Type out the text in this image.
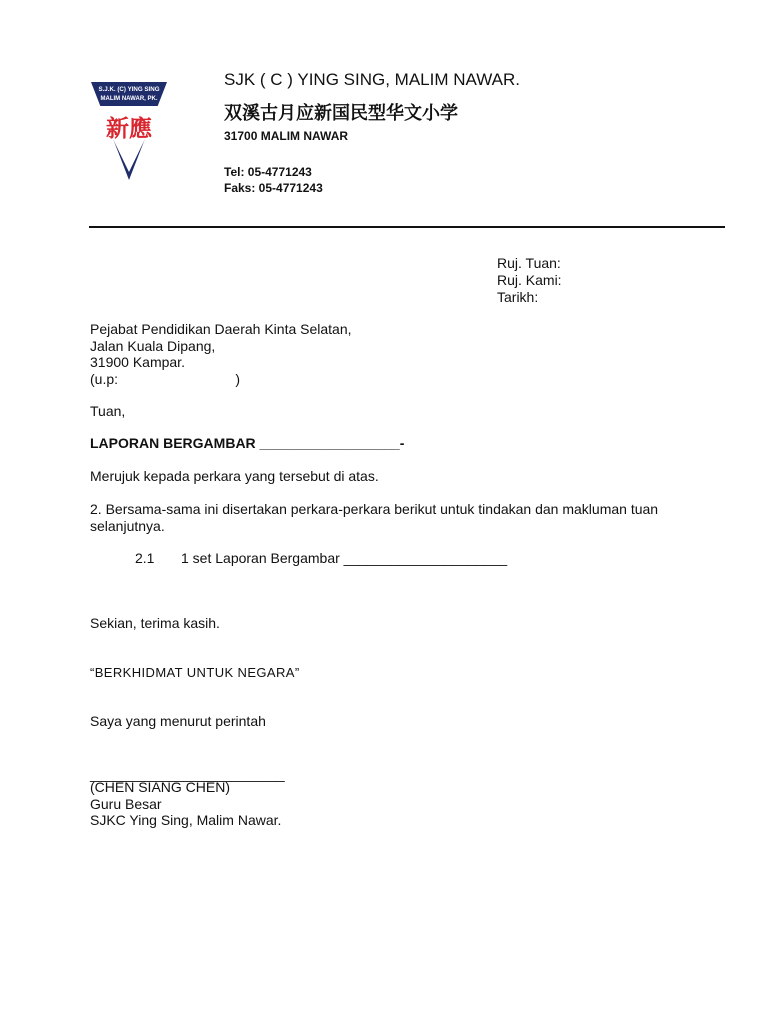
S.J.K. (C) YING SING
MALIM NAWAR, PK.
新應
SJK ( C ) YING SING, MALIM NAWAR.
双溪古月应新国民型华文小学
31700 MALIM NAWAR
Tel: 05-4771243
Faks: 05-4771243
Ruj. Tuan:
Ruj. Kami:
Tarikh:
Pejabat Pendidikan Daerah Kinta Selatan,
Jalan Kuala Dipang,
31900 Kampar.
(u.p:	)
Tuan,
LAPORAN BERGAMBAR __________________-
Merujuk kepada perkara yang tersebut di atas.
2. Bersama-sama ini disertakan perkara-perkara berikut untuk tindakan dan makluman tuan selanjutnya.
2.1 1 set Laporan Bergambar _____________________
Sekian, terima kasih.
“BERKHIDMAT UNTUK NEGARA”
Saya yang menurut perintah
_________________________
(CHEN SIANG CHEN)
Guru Besar
SJKC Ying Sing, Malim Nawar.
